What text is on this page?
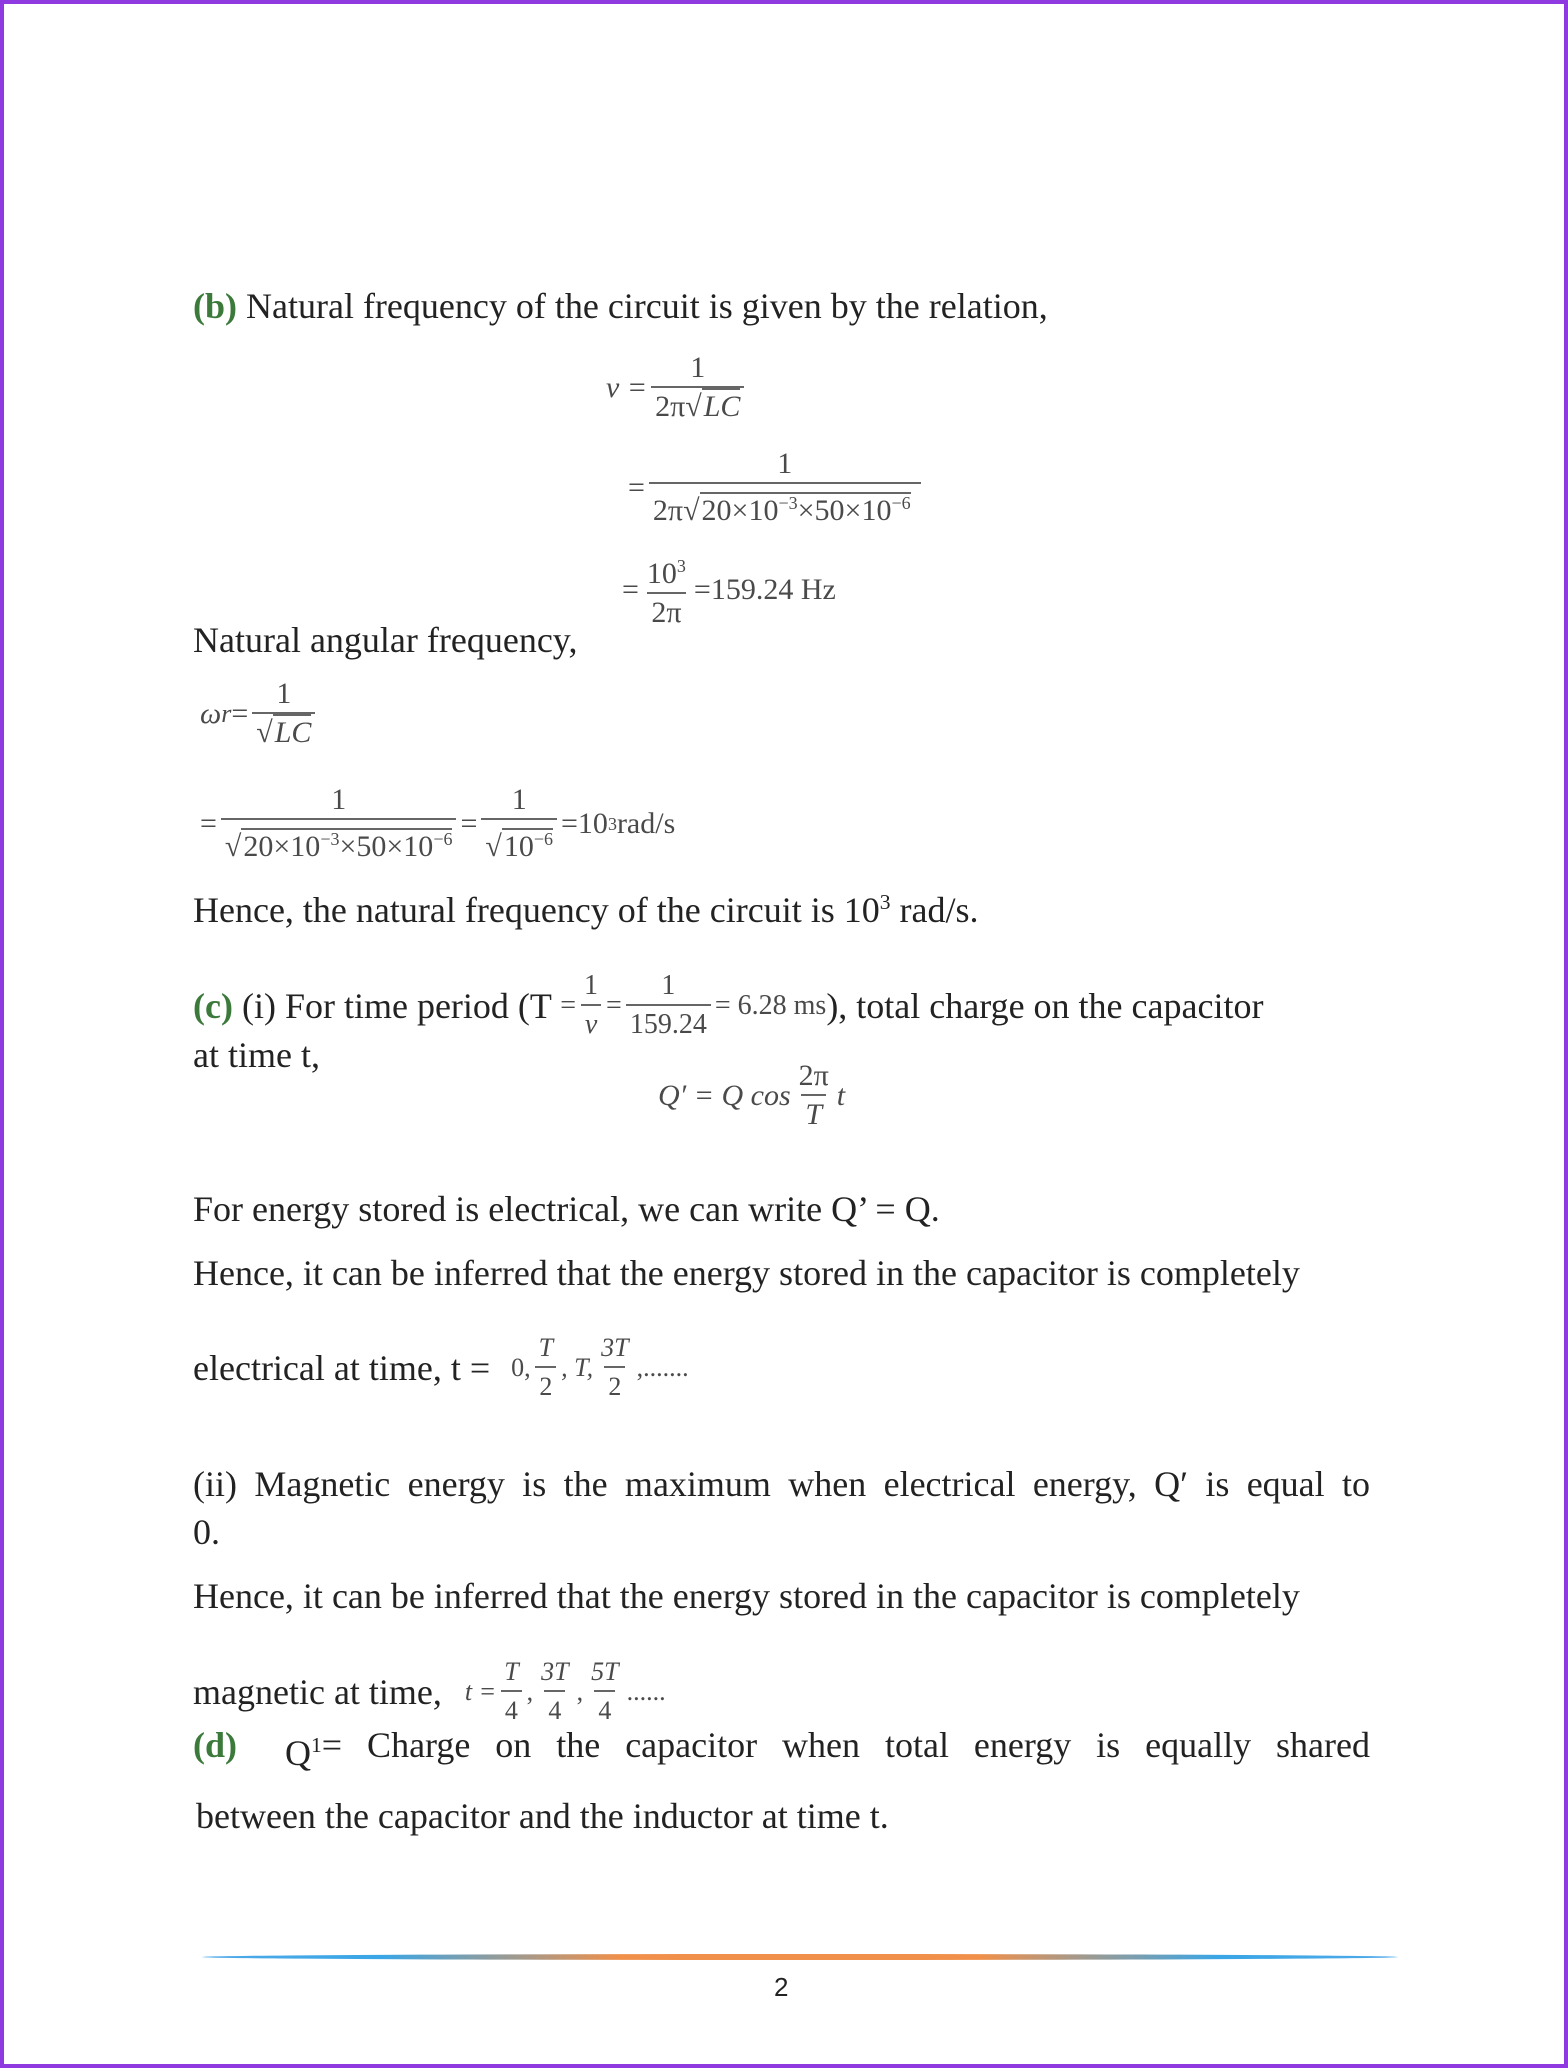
(b) Natural frequency of the circuit is given by the relation,
$\nu = \frac{1}{2\pi√LC}$
= $\frac{1}{2\pi√20\times 10^{-3}\times 50\times 10^{-6}}$
= $\frac{10^3}{2\pi} =159.24$ Hz
Natural angular frequency,
ω $r = \frac{1}{√LC}$
= $\frac{1}{√20\times 10^{-3}\times 50\times 10^{-6}} = \frac{1}{√10^{-6}} =10$ 3 rad/s
Hence, the natural frequency of the circuit is $10^3$ rad/s.
(c) (i) For time period ($T = \frac{1}{\nu} = \frac{1}{159.24} = 6.28$ ms ), total charge on the capacitor
at time t,
Q′ = Q $\cos \frac{2\pi}{T}$ t
For energy stored is electrical, we can write Q’ = Q.
Hence, it can be inferred that the energy stored in the capacitor is completely
electrical at time, t = 0, $\frac{T}{2}$ , T, $\frac{3T}{2}$ ,.......
(ii) Magnetic energy is the maximum when electrical energy, Q′ is equal to
0.
Hence, it can be inferred that the energy stored in the capacitor is completely
magnetic at time, $t = \frac{T}{4}$ , $\frac{3T}{4}$ , $\frac{5T}{4}$ ......
(d) $Q^1$ = Charge on the capacitor when total energy is equally shared
between the capacitor and the inductor at time t.
2
